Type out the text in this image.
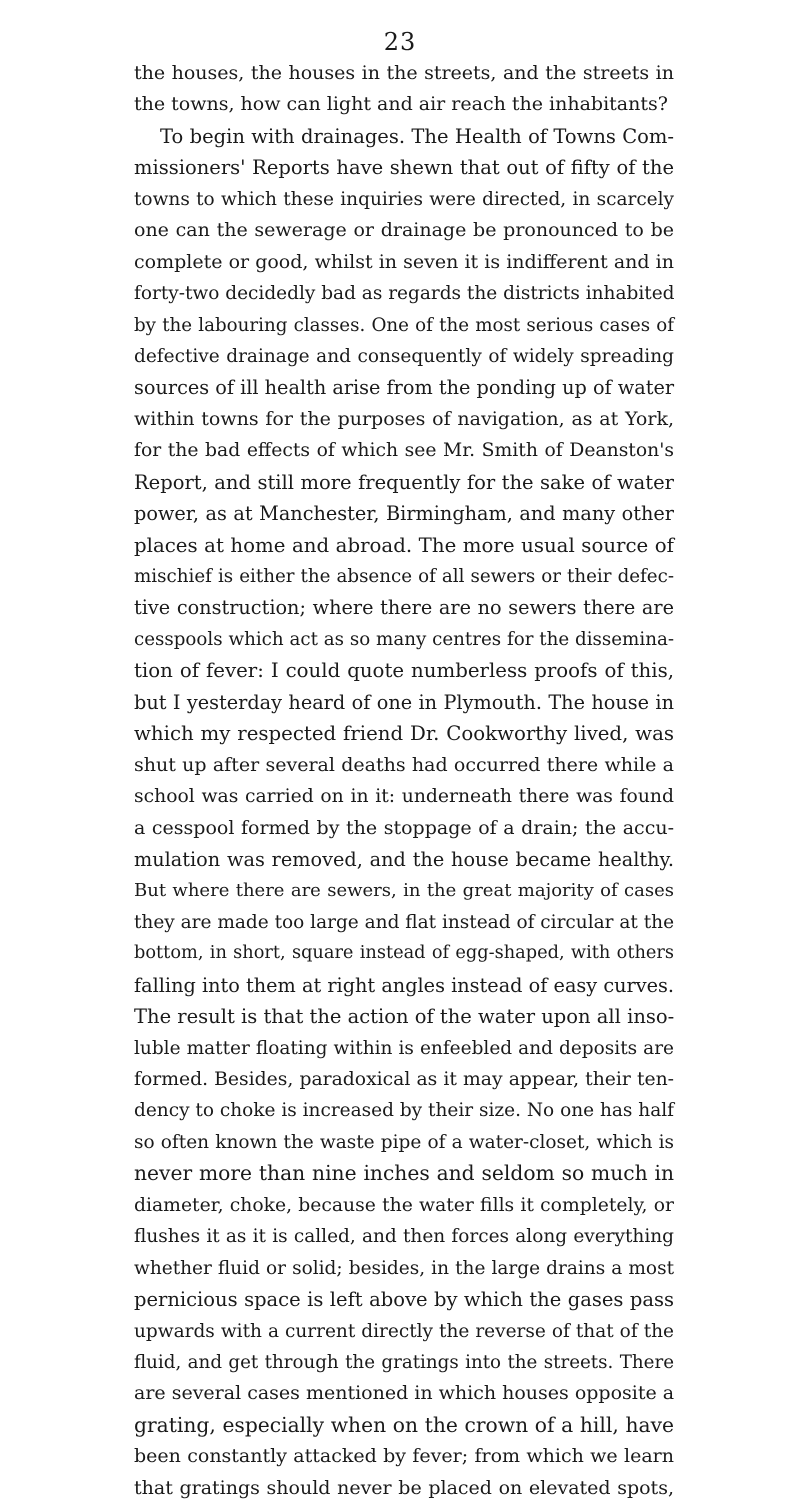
23
the houses, the houses in the streets, and the streets in
the towns, how can light and air reach the inhabitants?
To begin with drainages. The Health of Towns Com-
missioners' Reports have shewn that out of fifty of the
towns to which these inquiries were directed, in scarcely
one can the sewerage or drainage be pronounced to be
complete or good, whilst in seven it is indifferent and in
forty-two decidedly bad as regards the districts inhabited
by the labouring classes. One of the most serious cases of
defective drainage and consequently of widely spreading
sources of ill health arise from the ponding up of water
within towns for the purposes of navigation, as at York,
for the bad effects of which see Mr. Smith of Deanston's
Report, and still more frequently for the sake of water
power, as at Manchester, Birmingham, and many other
places at home and abroad. The more usual source of
mischief is either the absence of all sewers or their defec-
tive construction; where there are no sewers there are
cesspools which act as so many centres for the dissemina-
tion of fever: I could quote numberless proofs of this,
but I yesterday heard of one in Plymouth. The house in
which my respected friend Dr. Cookworthy lived, was
shut up after several deaths had occurred there while a
school was carried on in it: underneath there was found
a cesspool formed by the stoppage of a drain; the accu-
mulation was removed, and the house became healthy.
But where there are sewers, in the great majority of cases
they are made too large and flat instead of circular at the
bottom, in short, square instead of egg-shaped, with others
falling into them at right angles instead of easy curves.
The result is that the action of the water upon all inso-
luble matter floating within is enfeebled and deposits are
formed. Besides, paradoxical as it may appear, their ten-
dency to choke is increased by their size. No one has half
so often known the waste pipe of a water-closet, which is
never more than nine inches and seldom so much in
diameter, choke, because the water fills it completely, or
flushes it as it is called, and then forces along everything
whether fluid or solid; besides, in the large drains a most
pernicious space is left above by which the gases pass
upwards with a current directly the reverse of that of the
fluid, and get through the gratings into the streets. There
are several cases mentioned in which houses opposite a
grating, especially when on the crown of a hill, have
been constantly attacked by fever; from which we learn
that gratings should never be placed on elevated spots,
